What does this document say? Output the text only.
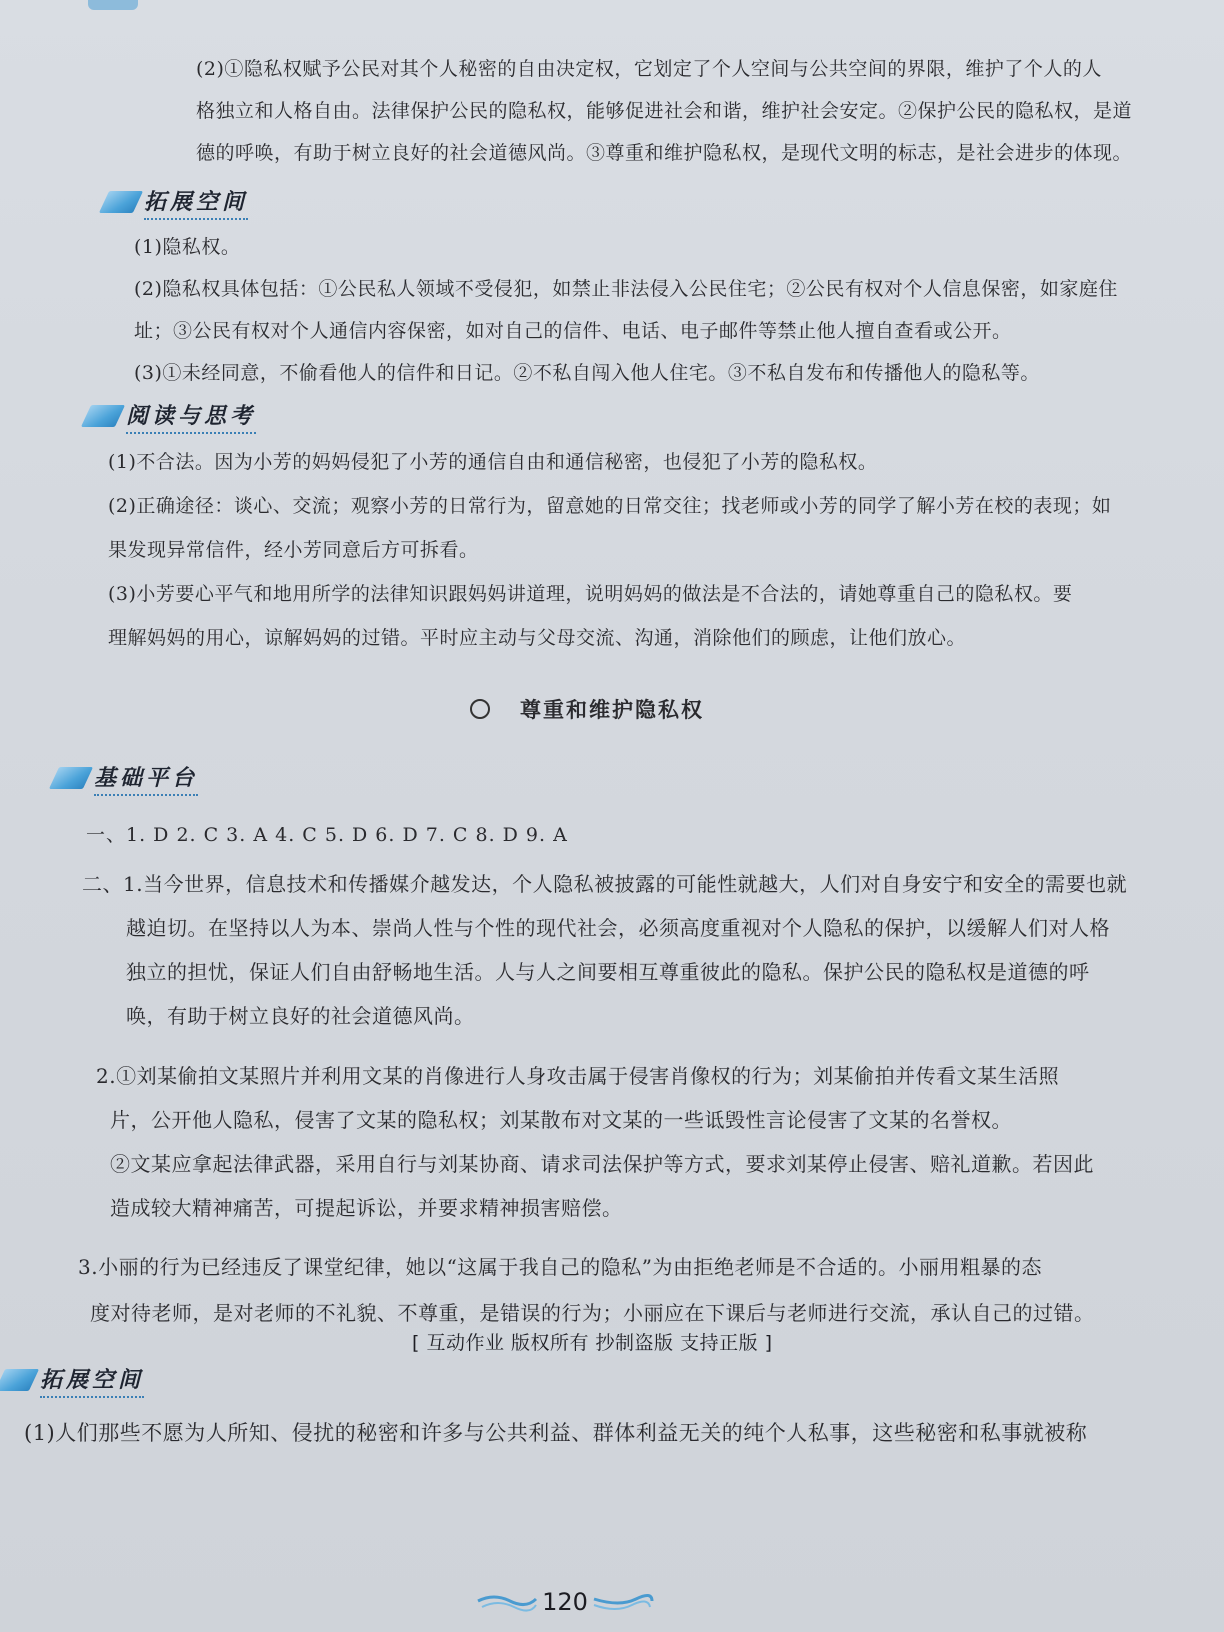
(2)①隐私权赋予公民对其个人秘密的自由决定权，它划定了个人空间与公共空间的界限，维护了个人的人

格独立和人格自由。法律保护公民的隐私权，能够促进社会和谐，维护社会安定。②保护公民的隐私权，是道

德的呼唤，有助于树立良好的社会道德风尚。③尊重和维护隐私权，是现代文明的标志，是社会进步的体现。

拓展空间

(1)隐私权。

(2)隐私权具体包括：①公民私人领域不受侵犯，如禁止非法侵入公民住宅；②公民有权对个人信息保密，如家庭住

址；③公民有权对个人通信内容保密，如对自己的信件、电话、电子邮件等禁止他人擅自查看或公开。

(3)①未经同意，不偷看他人的信件和日记。②不私自闯入他人住宅。③不私自发布和传播他人的隐私等。

阅读与思考

(1)不合法。因为小芳的妈妈侵犯了小芳的通信自由和通信秘密，也侵犯了小芳的隐私权。

(2)正确途径：谈心、交流；观察小芳的日常行为，留意她的日常交往；找老师或小芳的同学了解小芳在校的表现；如

果发现异常信件，经小芳同意后方可拆看。

(3)小芳要心平气和地用所学的法律知识跟妈妈讲道理，说明妈妈的做法是不合法的，请她尊重自己的隐私权。要

理解妈妈的用心，谅解妈妈的过错。平时应主动与父母交流、沟通，消除他们的顾虑，让他们放心。

尊重和维护隐私权
基础平台
一、1. D 2. C 3. A 4. C 5. D 6. D 7. C 8. D 9. A

二、1.当今世界，信息技术和传播媒介越发达，个人隐私被披露的可能性就越大，人们对自身安宁和安全的需要也就

越迫切。在坚持以人为本、崇尚人性与个性的现代社会，必须高度重视对个人隐私的保护，以缓解人们对人格

独立的担忧，保证人们自由舒畅地生活。人与人之间要相互尊重彼此的隐私。保护公民的隐私权是道德的呼

唤，有助于树立良好的社会道德风尚。

2.①刘某偷拍文某照片并利用文某的肖像进行人身攻击属于侵害肖像权的行为；刘某偷拍并传看文某生活照

片，公开他人隐私，侵害了文某的隐私权；刘某散布对文某的一些诋毁性言论侵害了文某的名誉权。

②文某应拿起法律武器，采用自行与刘某协商、请求司法保护等方式，要求刘某停止侵害、赔礼道歉。若因此

造成较大精神痛苦，可提起诉讼，并要求精神损害赔偿。

3.小丽的行为已经违反了课堂纪律，她以“这属于我自己的隐私”为由拒绝老师是不合适的。小丽用粗暴的态

度对待老师，是对老师的不礼貌、不尊重，是错误的行为；小丽应在下课后与老师进行交流，承认自己的过错。

[ 互动作业 版权所有 抄制盗版 支持正版 ]
拓展空间

(1)人们那些不愿为人所知、侵扰的秘密和许多与公共利益、群体利益无关的纯个人私事，这些秘密和私事就被称

120
